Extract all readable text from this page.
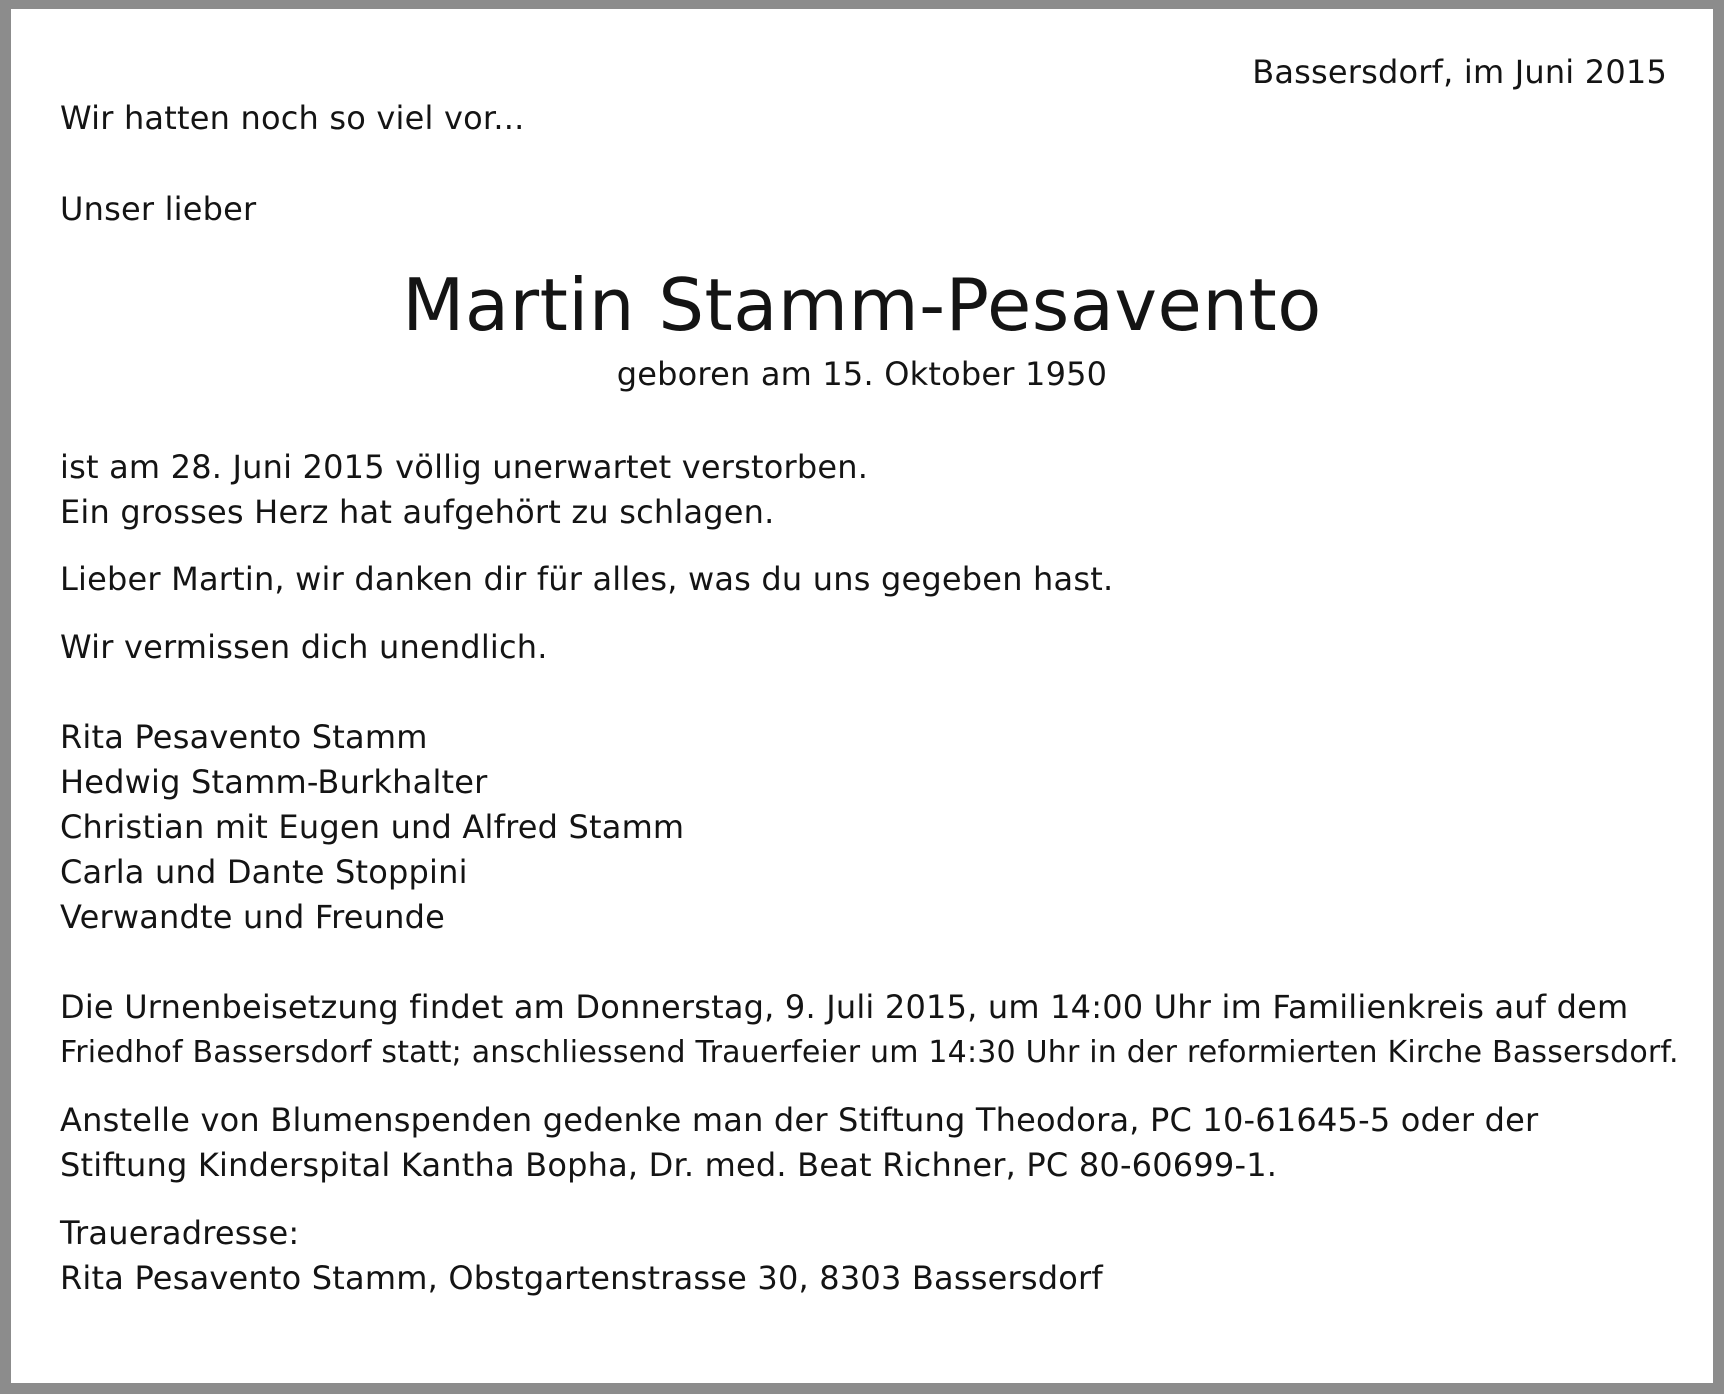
Bassersdorf, im Juni 2015
Wir hatten noch so viel vor...
Unser lieber
Martin Stamm-Pesavento
geboren am 15. Oktober 1950
ist am 28. Juni 2015 völlig unerwartet verstorben.
Ein grosses Herz hat aufgehört zu schlagen.
Lieber Martin, wir danken dir für alles, was du uns gegeben hast.
Wir vermissen dich unendlich.
Rita Pesavento Stamm
Hedwig Stamm-Burkhalter
Christian mit Eugen und Alfred Stamm
Carla und Dante Stoppini
Verwandte und Freunde
Die Urnenbeisetzung findet am Donnerstag, 9. Juli 2015, um 14:00 Uhr im Familienkreis auf dem
Friedhof Bassersdorf statt; anschliessend Trauerfeier um 14:30 Uhr in der reformierten Kirche Bassersdorf.
Anstelle von Blumenspenden gedenke man der Stiftung Theodora, PC 10-61645-5 oder der
Stiftung Kinderspital Kantha Bopha, Dr. med. Beat Richner, PC 80-60699-1.
Traueradresse:
Rita Pesavento Stamm, Obstgartenstrasse 30, 8303 Bassersdorf
